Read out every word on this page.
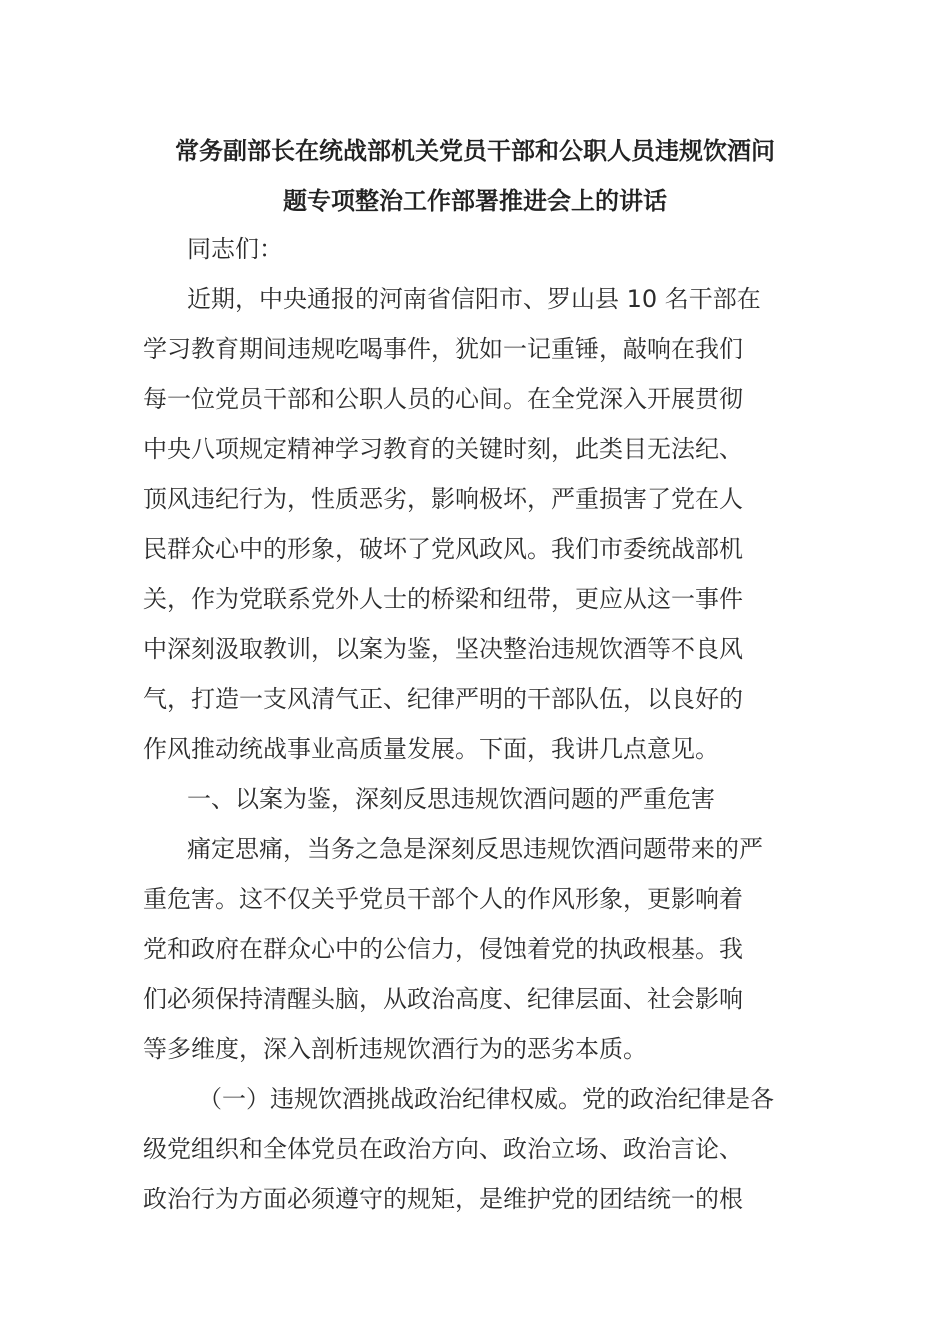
常务副部长在统战部机关党员干部和公职人员违规饮酒问
题专项整治工作部署推进会上的讲话
同志们：
近期，中央通报的河南省信阳市、罗山县 10 名干部在
学习教育期间违规吃喝事件，犹如一记重锤，敲响在我们
每一位党员干部和公职人员的心间。在全党深入开展贯彻
中央八项规定精神学习教育的关键时刻，此类目无法纪、
顶风违纪行为，性质恶劣，影响极坏，严重损害了党在人
民群众心中的形象，破坏了党风政风。我们市委统战部机
关，作为党联系党外人士的桥梁和纽带，更应从这一事件
中深刻汲取教训，以案为鉴，坚决整治违规饮酒等不良风
气，打造一支风清气正、纪律严明的干部队伍，以良好的
作风推动统战事业高质量发展。下面，我讲几点意见。
一、以案为鉴，深刻反思违规饮酒问题的严重危害
痛定思痛，当务之急是深刻反思违规饮酒问题带来的严
重危害。这不仅关乎党员干部个人的作风形象，更影响着
党和政府在群众心中的公信力，侵蚀着党的执政根基。我
们必须保持清醒头脑，从政治高度、纪律层面、社会影响
等多维度，深入剖析违规饮酒行为的恶劣本质。
（一）违规饮酒挑战政治纪律权威。党的政治纪律是各
级党组织和全体党员在政治方向、政治立场、政治言论、
政治行为方面必须遵守的规矩，是维护党的团结统一的根
